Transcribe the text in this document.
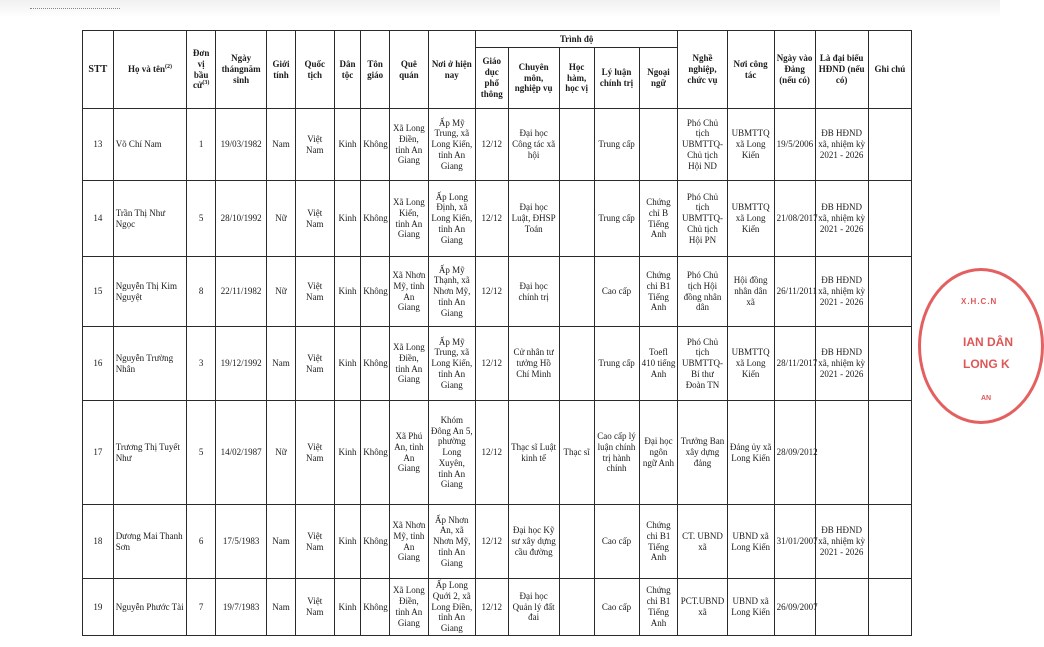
STT	Họ và tên$^{(2)}$	Đơn vị bầu cử$^{(3)}$	Ngày thángnăm sinh	Giới tính	Quốc tịch	Dân tộc	Tôn giáo	Quê quán	Nơi ở hiện nay	Trình độ					Nghề nghiệp, chức vụ	Nơi công tác	Ngày vào Đảng (nếu có)	Là đại biểu HĐND (nếu có)	Ghi chú
										Giáo dục phổ thông	Chuyên môn, nghiệp vụ	Học hàm, học vị	Lý luận chính trị	Ngoại ngữ					
13	Võ Chí Nam	1	19/03/1982	Nam	Việt Nam	Kinh	Không	Xã Long Điền, tỉnh An Giang	Ấp Mỹ Trung, xã Long Kiến, tỉnh An Giang	12/12	Đại học Công tác xã hội		Trung cấp		Phó Chủ tịch UBMTTQ-Chủ tịch Hội ND	UBMTTQ xã Long Kiến	19/5/2006	ĐB HĐND xã, nhiệm kỳ 2021 - 2026	
14	Trần Thị Như Ngọc	5	28/10/1992	Nữ	Việt Nam	Kinh	Không	Xã Long Kiến, tỉnh An Giang	Ấp Long Định, xã Long Kiến, tỉnh An Giang	12/12	Đại học Luật, ĐHSP Toán		Trung cấp	Chứng chỉ B Tiếng Anh	Phó Chủ tịch UBMTTQ-Chủ tịch Hội PN	UBMTTQ xã Long Kiến	21/08/2017	ĐB HĐND xã, nhiệm kỳ 2021 - 2026	
15	Nguyễn Thị Kim Nguyệt	8	22/11/1982	Nữ	Việt Nam	Kinh	Không	Xã Nhơn Mỹ, tỉnh An Giang	Ấp Mỹ Thạnh, xã Nhơn Mỹ, tỉnh An Giang	12/12	Đại học chính trị		Cao cấp	Chứng chỉ B1 Tiếng Anh	Phó Chủ tịch Hội đồng nhân dân	Hội đồng nhân dân xã	26/11/2011	ĐB HĐND xã, nhiệm kỳ 2021 - 2026	
16	Nguyễn Trường Nhân	3	19/12/1992	Nam	Việt Nam	Kinh	Không	Xã Long Điền, tỉnh An Giang	Ấp Mỹ Trung, xã Long Kiến, tỉnh An Giang	12/12	Cử nhân tư tưởng Hồ Chí Minh		Trung cấp	Toefl 410 tiếng Anh	Phó Chủ tịch UBMTTQ-Bí thư Đoàn TN	UBMTTQ xã Long Kiến	28/11/2017	ĐB HĐND xã, nhiệm kỳ 2021 - 2026	
17	Trương Thị Tuyết Như	5	14/02/1987	Nữ	Việt Nam	Kinh	Không	Xã Phú An, tỉnh An Giang	Khóm Đông An 5, phường Long Xuyên, tỉnh An Giang	12/12	Thạc sĩ Luật kinh tế	Thạc sĩ	Cao cấp lý luận chính trị hành chính	Đại học ngôn ngữ Anh	Trưởng Ban xây dựng đảng	Đảng ủy xã Long Kiến	28/09/2012		
18	Dương Mai Thanh Sơn	6	17/5/1983	Nam	Việt Nam	Kinh	Không	Xã Nhơn Mỹ, tỉnh An Giang	Ấp Nhơn An, xã Nhơn Mỹ, tỉnh An Giang	12/12	Đại học Kỹ sư xây dựng cầu đường		Cao cấp	Chứng chỉ B1 Tiếng Anh	CT. UBND xã	UBND xã Long Kiến	31/01/2007	ĐB HĐND xã, nhiệm kỳ 2021 - 2026	
19	Nguyễn Phước Tài	7	19/7/1983	Nam	Việt Nam	Kinh	Không	Xã Long Điền, tỉnh An Giang	Ấp Long Quới 2, xã Long Điền, tỉnh An Giang	12/12	Đại học Quản lý đất đai		Cao cấp	Chứng chỉ B1 Tiếng Anh	PCT.UBND xã	UBND xã Long Kiến	26/09/2007		
X.H.C.N
IAN DÂN
LONG K
AN
